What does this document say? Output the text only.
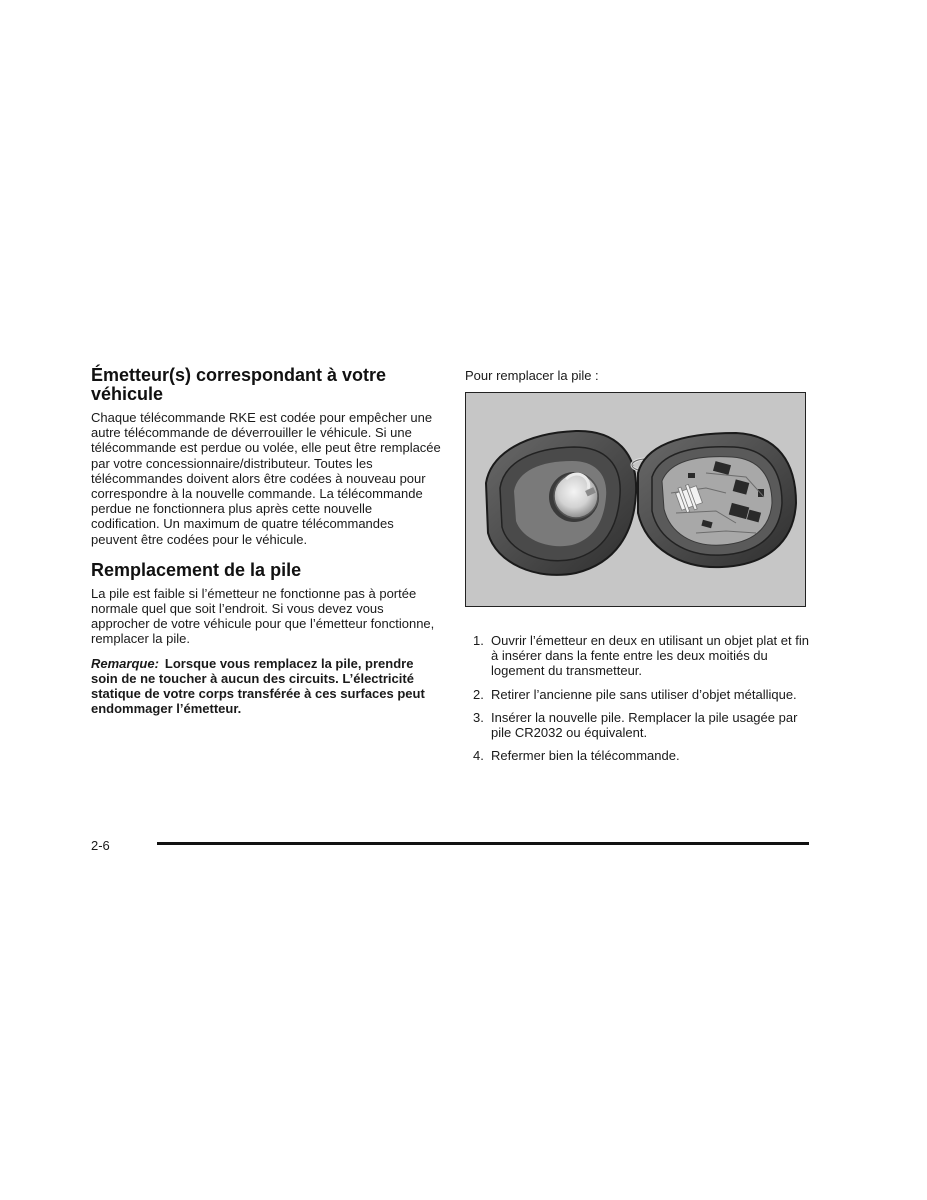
Émetteur(s) correspondant à votre véhicule

Chaque télécommande RKE est codée pour empêcher une autre télécommande de déverrouiller le véhicule. Si une télécommande est perdue ou volée, elle peut être remplacée par votre concessionnaire/distributeur. Toutes les télécommandes doivent alors être codées à nouveau pour correspondre à la nouvelle commande. La télécommande perdue ne fonctionnera plus après cette nouvelle codification. Un maximum de quatre télécommandes peuvent être codées pour le véhicule.

Remplacement de la pile

La pile est faible si l’émetteur ne fonctionne pas à portée normale quel que soit l’endroit. Si vous devez vous approcher de votre véhicule pour que l’émetteur fonctionne, remplacer la pile.

Remarque: Lorsque vous remplacez la pile, prendre soin de ne toucher à aucun des circuits. L’électricité statique de votre corps transférée à ces surfaces peut endommager l’émetteur.

Pour remplacer la pile :

1. Ouvrir l’émetteur en deux en utilisant un objet plat et fin à insérer dans la fente entre les deux moitiés du logement du transmetteur.
2. Retirer l’ancienne pile sans utiliser d’objet métallique.
3. Insérer la nouvelle pile. Remplacer la pile usagée par pile CR2032 ou équivalent.
4. Refermer bien la télécommande.
2-6
